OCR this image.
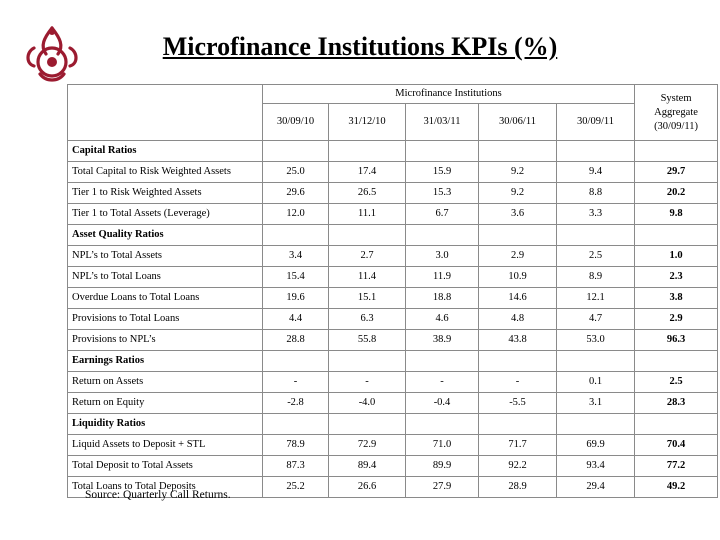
Microfinance Institutions KPIs (%)
	Microfinance Institutions					System Aggregate (30/09/11)
	30/09/10	31/12/10	31/03/11	30/06/11	30/09/11	
Capital Ratios						
Total Capital to Risk Weighted Assets	25.0	17.4	15.9	9.2	9.4	29.7
Tier 1 to Risk Weighted Assets	29.6	26.5	15.3	9.2	8.8	20.2
Tier 1 to Total Assets (Leverage)	12.0	11.1	6.7	3.6	3.3	9.8
Asset Quality Ratios						
NPL’s to Total Assets	3.4	2.7	3.0	2.9	2.5	1.0
NPL’s to Total Loans	15.4	11.4	11.9	10.9	8.9	2.3
Overdue Loans to Total Loans	19.6	15.1	18.8	14.6	12.1	3.8
Provisions to Total Loans	4.4	6.3	4.6	4.8	4.7	2.9
Provisions to NPL’s	28.8	55.8	38.9	43.8	53.0	96.3
Earnings Ratios						
Return on Assets	-	-	-	-	0.1	2.5
Return on Equity	-2.8	-4.0	-0.4	-5.5	3.1	28.3
Liquidity Ratios						
Liquid Assets to Deposit + STL	78.9	72.9	71.0	71.7	69.9	70.4
Total Deposit to Total Assets	87.3	89.4	89.9	92.2	93.4	77.2
Total Loans to Total Deposits	25.2	26.6	27.9	28.9	29.4	49.2
Source: Quarterly Call Returns.
